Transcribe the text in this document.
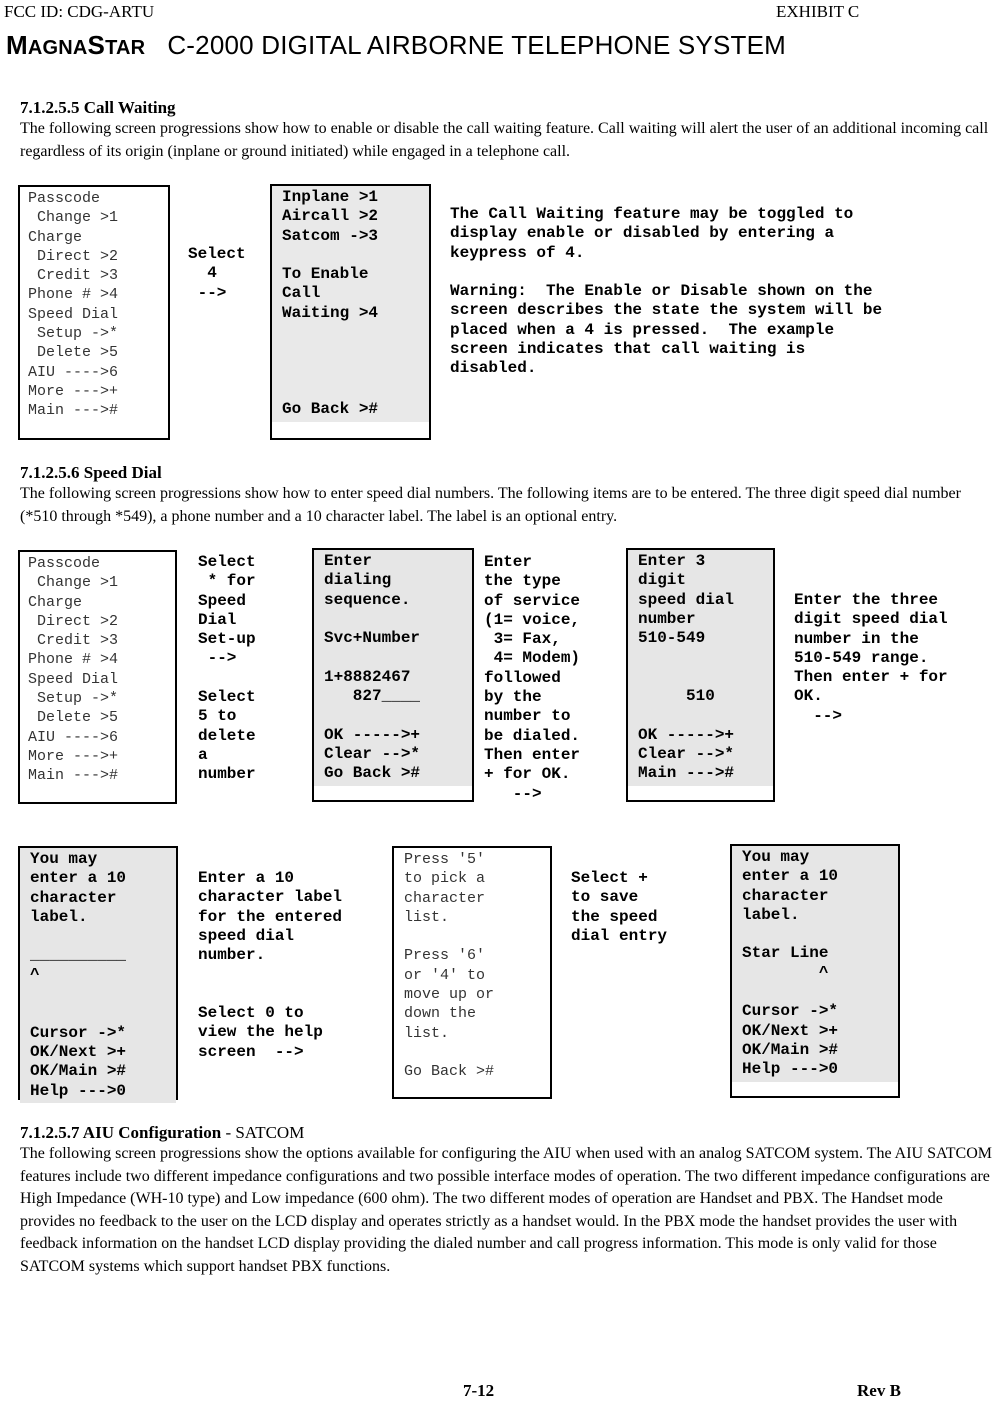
FCC ID: CDG-ARTU	EXHIBIT C
MAGNASTAR C-2000 DIGITAL AIRBORNE TELEPHONE SYSTEM
7.1.2.5.5 Call Waiting
The following screen progressions show how to enable or disable the call waiting feature. Call waiting will alert the user of an additional incoming call regardless of its origin (inplane or ground initiated) while engaged in a telephone call.
Passcode
Change >1
Charge
Direct >2
Credit >3
Phone # >4
Speed Dial
Setup ->*
Delete >5
AIU ---->6
More --->+
Main --->#
Select
4
-->
Inplane >1
Aircall >2
Satcom ->3

To Enable
Call
Waiting >4

Go Back >#
The Call Waiting feature may be toggled to
display enable or disabled by entering a
keypress of 4.

Warning:  The Enable or Disable shown on the
screen describes the state the system will be
placed when a 4 is pressed.  The example
screen indicates that call waiting is
disabled.
7.1.2.5.6 Speed Dial
The following screen progressions show how to enter speed dial numbers. The following items are to be entered. The three digit speed dial number (*510 through *549), a phone number and a 10 character label. The label is an optional entry.
Passcode
Change >1
Charge
Direct >2
Credit >3
Phone # >4
Speed Dial
Setup ->*
Delete >5
AIU ---->6
More --->+
Main --->#
Select
* for
Speed
Dial
Set-up
-->

Select
5 to
delete
a
number
Enter
dialing
sequence.

Svc+Number

1+8882467
827____

OK ----->+
Clear -->*
Go Back >#
Enter
the type
of service
(1= voice,
3= Fax,
4= Modem)
followed
by the
number to
be dialed.
Then enter
+ for OK.
-->
Enter 3
digit
speed dial
number
510-549

510

OK ----->+
Clear -->*
Main --->#
Enter the three
digit speed dial
number in the
510-549 range.
Then enter + for
OK.
-->
You may
enter a 10
character
label.

__________
^

Cursor ->*
OK/Next >+
OK/Main >#
Help --->0
Enter a 10
character label
for the entered
speed dial
number.

Select 0 to
view the help
screen  -->
Press '5'
to pick a
character
list.

Press '6'
or '4' to
move up or
down the
list.

Go Back >#
Select +
to save
the speed
dial entry
You may
enter a 10
character
label.

Star Line
^

Cursor ->*
OK/Next >+
OK/Main >#
Help --->0
7.1.2.5.7 AIU Configuration - SATCOM
The following screen progressions show the options available for configuring the AIU when used with an analog SATCOM system. The AIU SATCOM features include two different impedance configurations and two possible interface modes of operation. The two different impedance configurations are High Impedance (WH-10 type) and Low impedance (600 ohm). The two different modes of operation are Handset and PBX. The Handset mode provides no feedback to the user on the LCD display and operates strictly as a handset would. In the PBX mode the handset provides the user with feedback information on the handset LCD display providing the dialed number and call progress information. This mode is only valid for those SATCOM systems which support handset PBX functions.
7-12	Rev B
